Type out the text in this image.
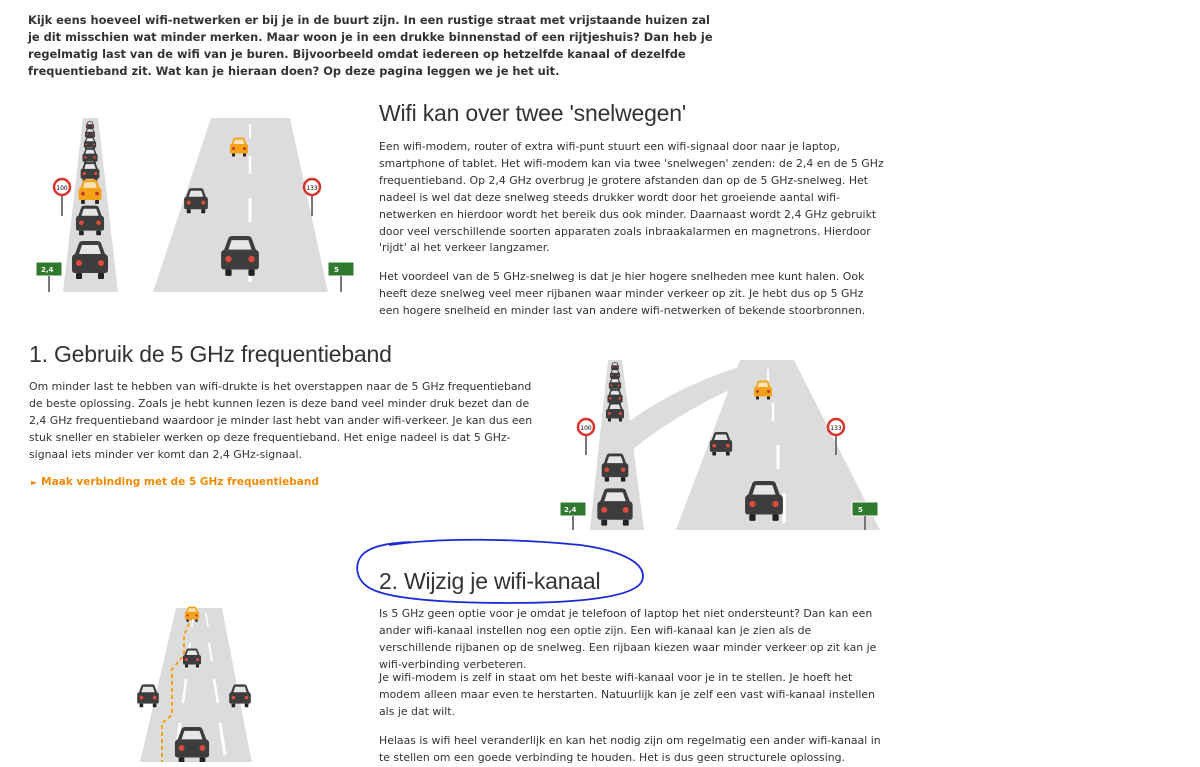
Kijk eens hoeveel wifi-netwerken er bij je in de buurt zijn. In een rustige straat met vrijstaande huizen zal je dit misschien wat minder merken. Maar woon je in een drukke binnenstad of een rijtjeshuis? Dan heb je regelmatig last van de wifi van je buren. Bijvoorbeeld omdat iedereen op hetzelfde kanaal of dezelfde frequentieband zit. Wat kan je hieraan doen? Op deze pagina leggen we je het uit.
100	133
2,4	5
Wifi kan over twee 'snelwegen'

Een wifi-modem, router of extra wifi-punt stuurt een wifi-signaal door naar je laptop, smartphone of tablet. Het wifi-modem kan via twee 'snelwegen' zenden: de 2,4 en de 5 GHz frequentieband. Op 2,4 GHz overbrug je grotere afstanden dan op de 5 GHz-snelweg. Het nadeel is wel dat deze snelweg steeds drukker wordt door het groeiende aantal wifi-netwerken en hierdoor wordt het bereik dus ook minder. Daarnaast wordt 2,4 GHz gebruikt door veel verschillende soorten apparaten zoals inbraakalarmen en magnetrons. Hierdoor 'rijdt' al het verkeer langzamer.

Het voordeel van de 5 GHz-snelweg is dat je hier hogere snelheden mee kunt halen. Ook heeft deze snelweg veel meer rijbanen waar minder verkeer op zit. Je hebt dus op 5 GHz een hogere snelheid en minder last van andere wifi-netwerken of bekende stoorbronnen.

1. Gebruik de 5 GHz frequentieband

Om minder last te hebben van wifi-drukte is het overstappen naar de 5 GHz frequentieband de beste oplossing. Zoals je hebt kunnen lezen is deze band veel minder druk bezet dan de 2,4 GHz frequentieband waardoor je minder last hebt van ander wifi-verkeer. Je kan dus een stuk sneller en stabieler werken op deze frequentieband. Het enige nadeel is dat 5 GHz-signaal iets minder ver komt dan 2,4 GHz-signaal.

► Maak verbinding met de 5 GHz frequentieband
100	133
2,4	5
2. Wijzig je wifi-kanaal

Is 5 GHz geen optie voor je omdat je telefoon of laptop het niet ondersteunt? Dan kan een ander wifi-kanaal instellen nog een optie zijn. Een wifi-kanaal kan je zien als de verschillende rijbanen op de snelweg. Een rijbaan kiezen waar minder verkeer op zit kan je wifi-verbinding verbeteren.

Je wifi-modem is zelf in staat om het beste wifi-kanaal voor je in te stellen. Je hoeft het modem alleen maar even te herstarten. Natuurlijk kan je zelf een vast wifi-kanaal instellen als je dat wilt.

Helaas is wifi heel veranderlijk en kan het nodig zijn om regelmatig een ander wifi-kanaal in te stellen om een goede verbinding te houden. Het is dus geen structurele oplossing.
